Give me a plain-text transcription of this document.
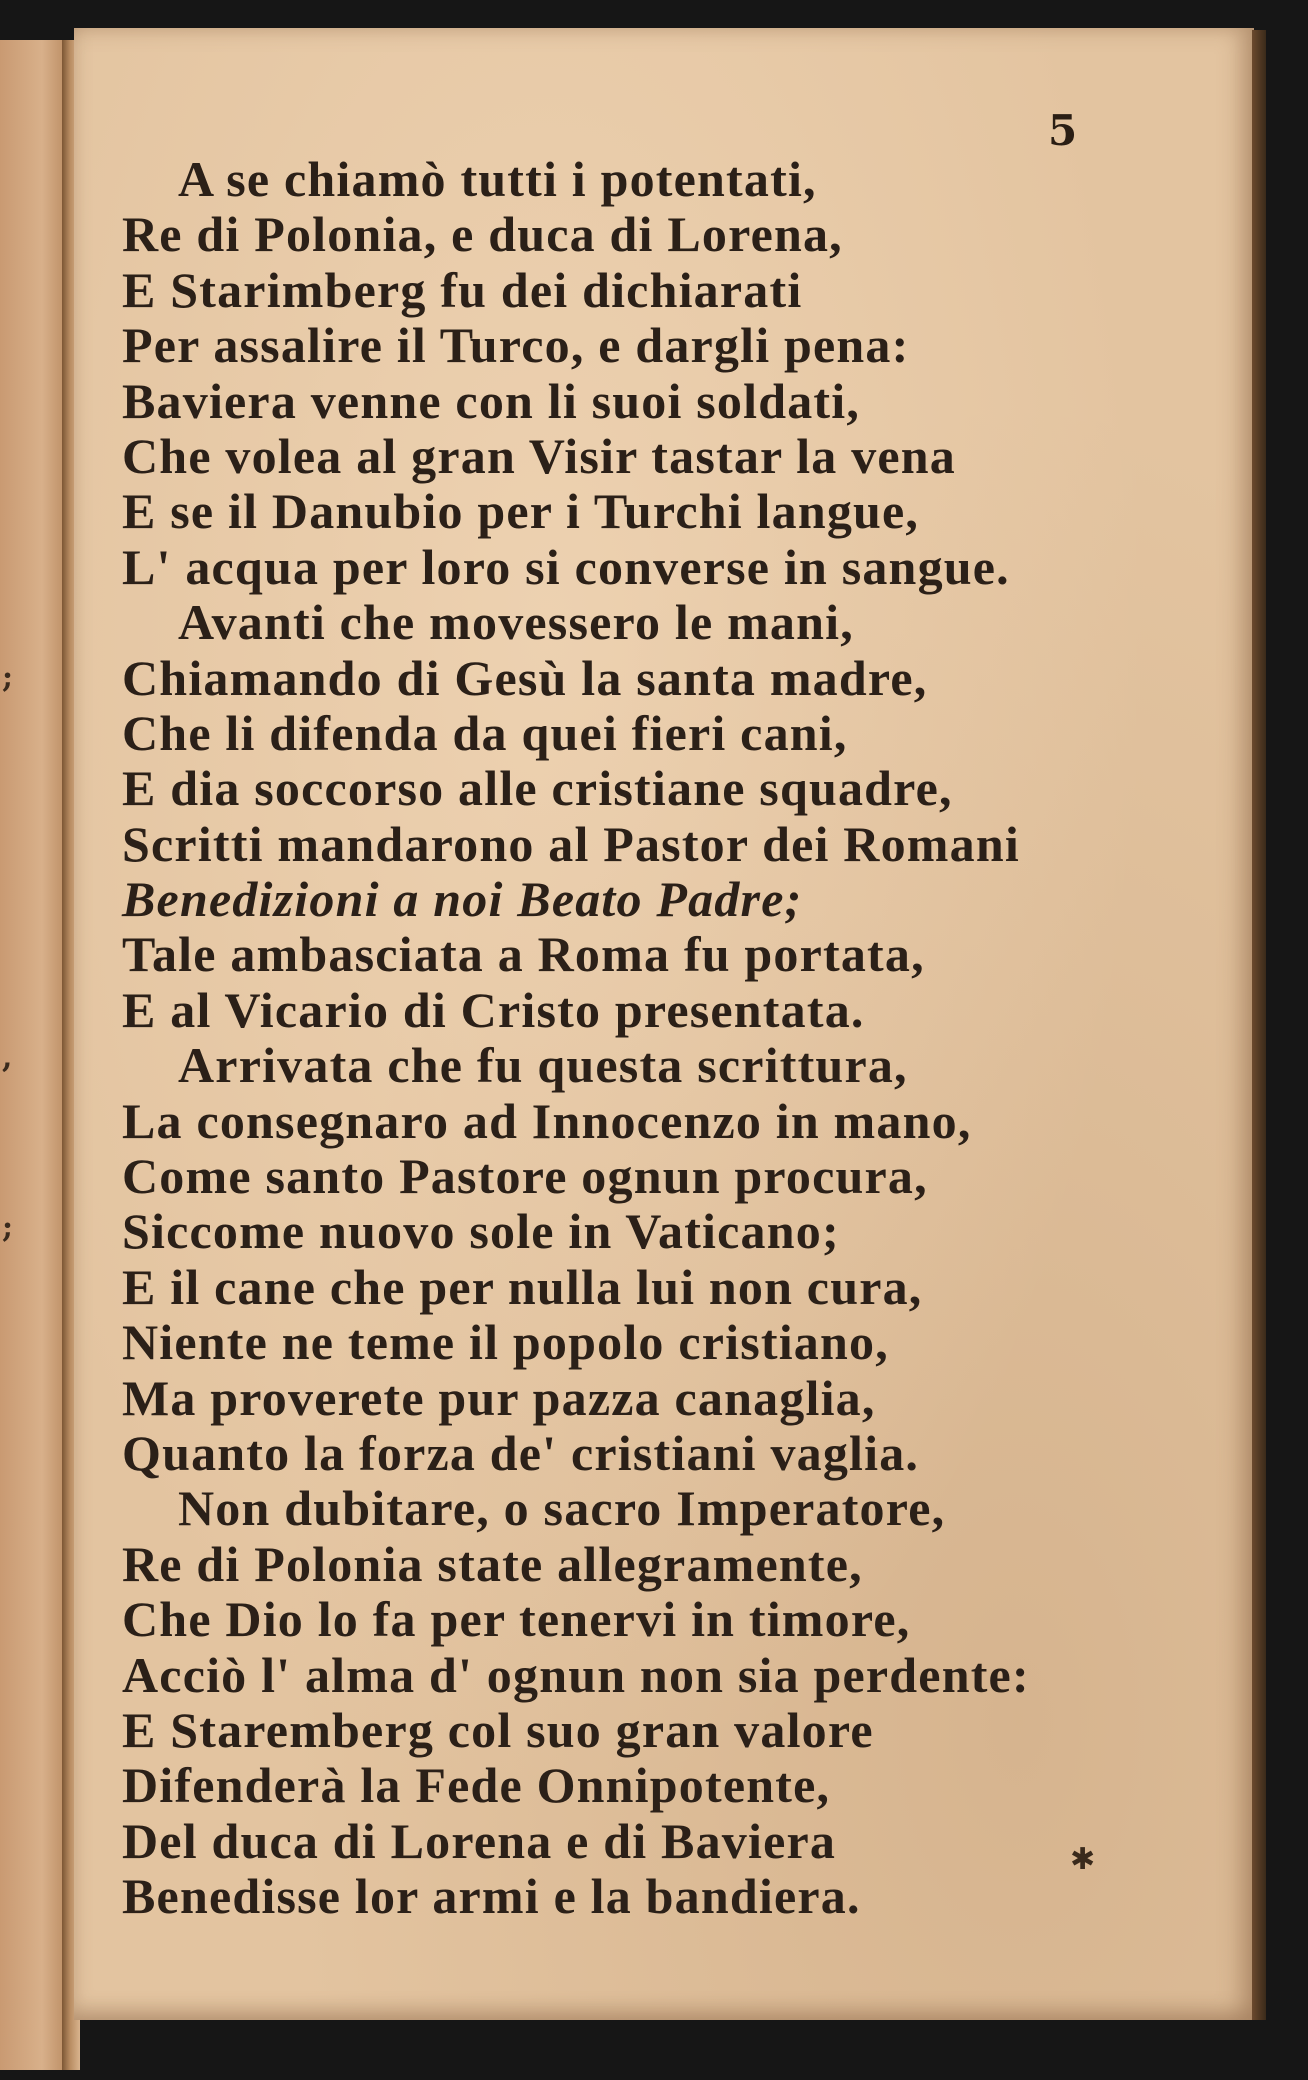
;
,
;
5
A se chiamò tutti i potentati,
Re di Polonia, e duca di Lorena,
E Starimberg fu dei dichiarati
Per assalire il Turco, e dargli pena:
Baviera venne con li suoi soldati,
Che volea al gran Visir tastar la vena
E se il Danubio per i Turchi langue,
L' acqua per loro si converse in sangue.
Avanti che movessero le mani,
Chiamando di Gesù la santa madre,
Che li difenda da quei fieri cani,
E dia soccorso alle cristiane squadre,
Scritti mandarono al Pastor dei Romani
Benedizioni a noi Beato Padre;
Tale ambasciata a Roma fu portata,
E al Vicario di Cristo presentata.
Arrivata che fu questa scrittura,
La consegnaro ad Innocenzo in mano,
Come santo Pastore ognun procura,
Siccome nuovo sole in Vaticano;
E il cane che per nulla lui non cura,
Niente ne teme il popolo cristiano,
Ma proverete pur pazza canaglia,
Quanto la forza de' cristiani vaglia.
Non dubitare, o sacro Imperatore,
Re di Polonia state allegramente,
Che Dio lo fa per tenervi in timore,
Acciò l' alma d' ognun non sia perdente:
E Staremberg col suo gran valore
Difenderà la Fede Onnipotente,
Del duca di Lorena e di Baviera
Benedisse lor armi e la bandiera.
✱
